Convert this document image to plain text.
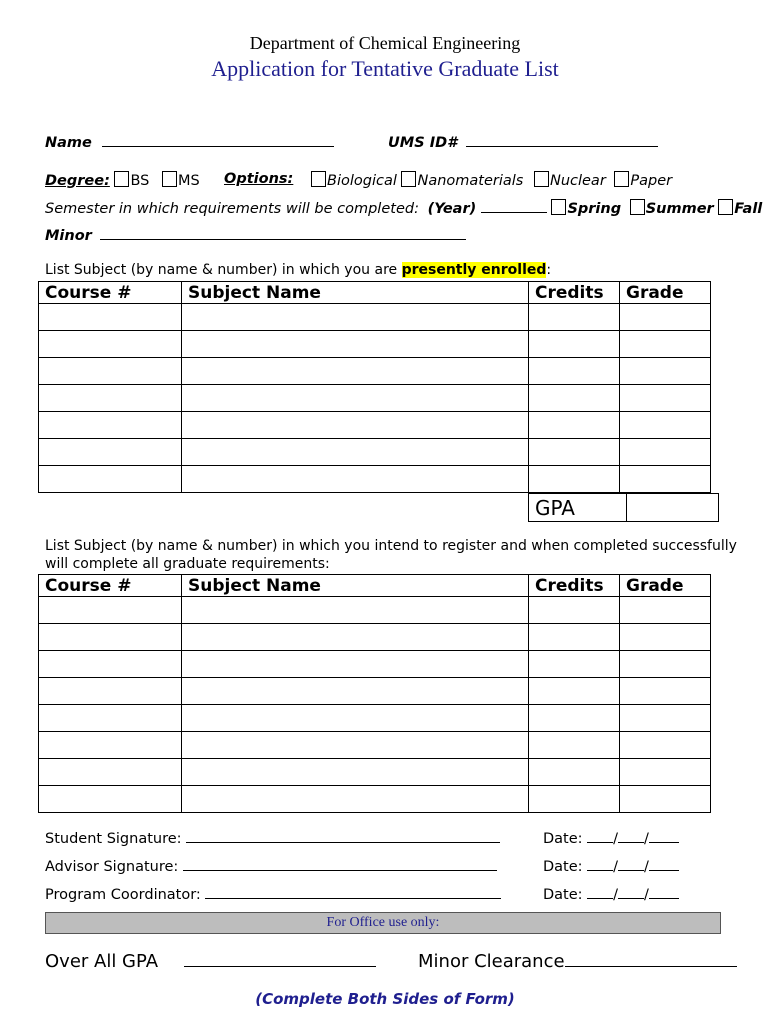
Department of Chemical Engineering
Application for Tentative Graduate List
Name	UMS ID#
Degree: BS MS Options:	Biological Nanomaterials Nuclear Paper
Semester in which requirements will be completed: (Year)	Spring Summer Fall
Minor
List Subject (by name & number) in which you are presently enrolled:
Course #	Subject Name	Credits	Grade

GPA	
List Subject (by name & number) in which you intend to register and when completed successfully
will complete all graduate requirements:
Course #	Subject Name	Credits	Grade

Student Signature:	Date: / /
Advisor Signature:	Date: / /
Program Coordinator:	Date: / /
For Office use only:
Over All GPA	Minor Clearance
(Complete Both Sides of Form)
